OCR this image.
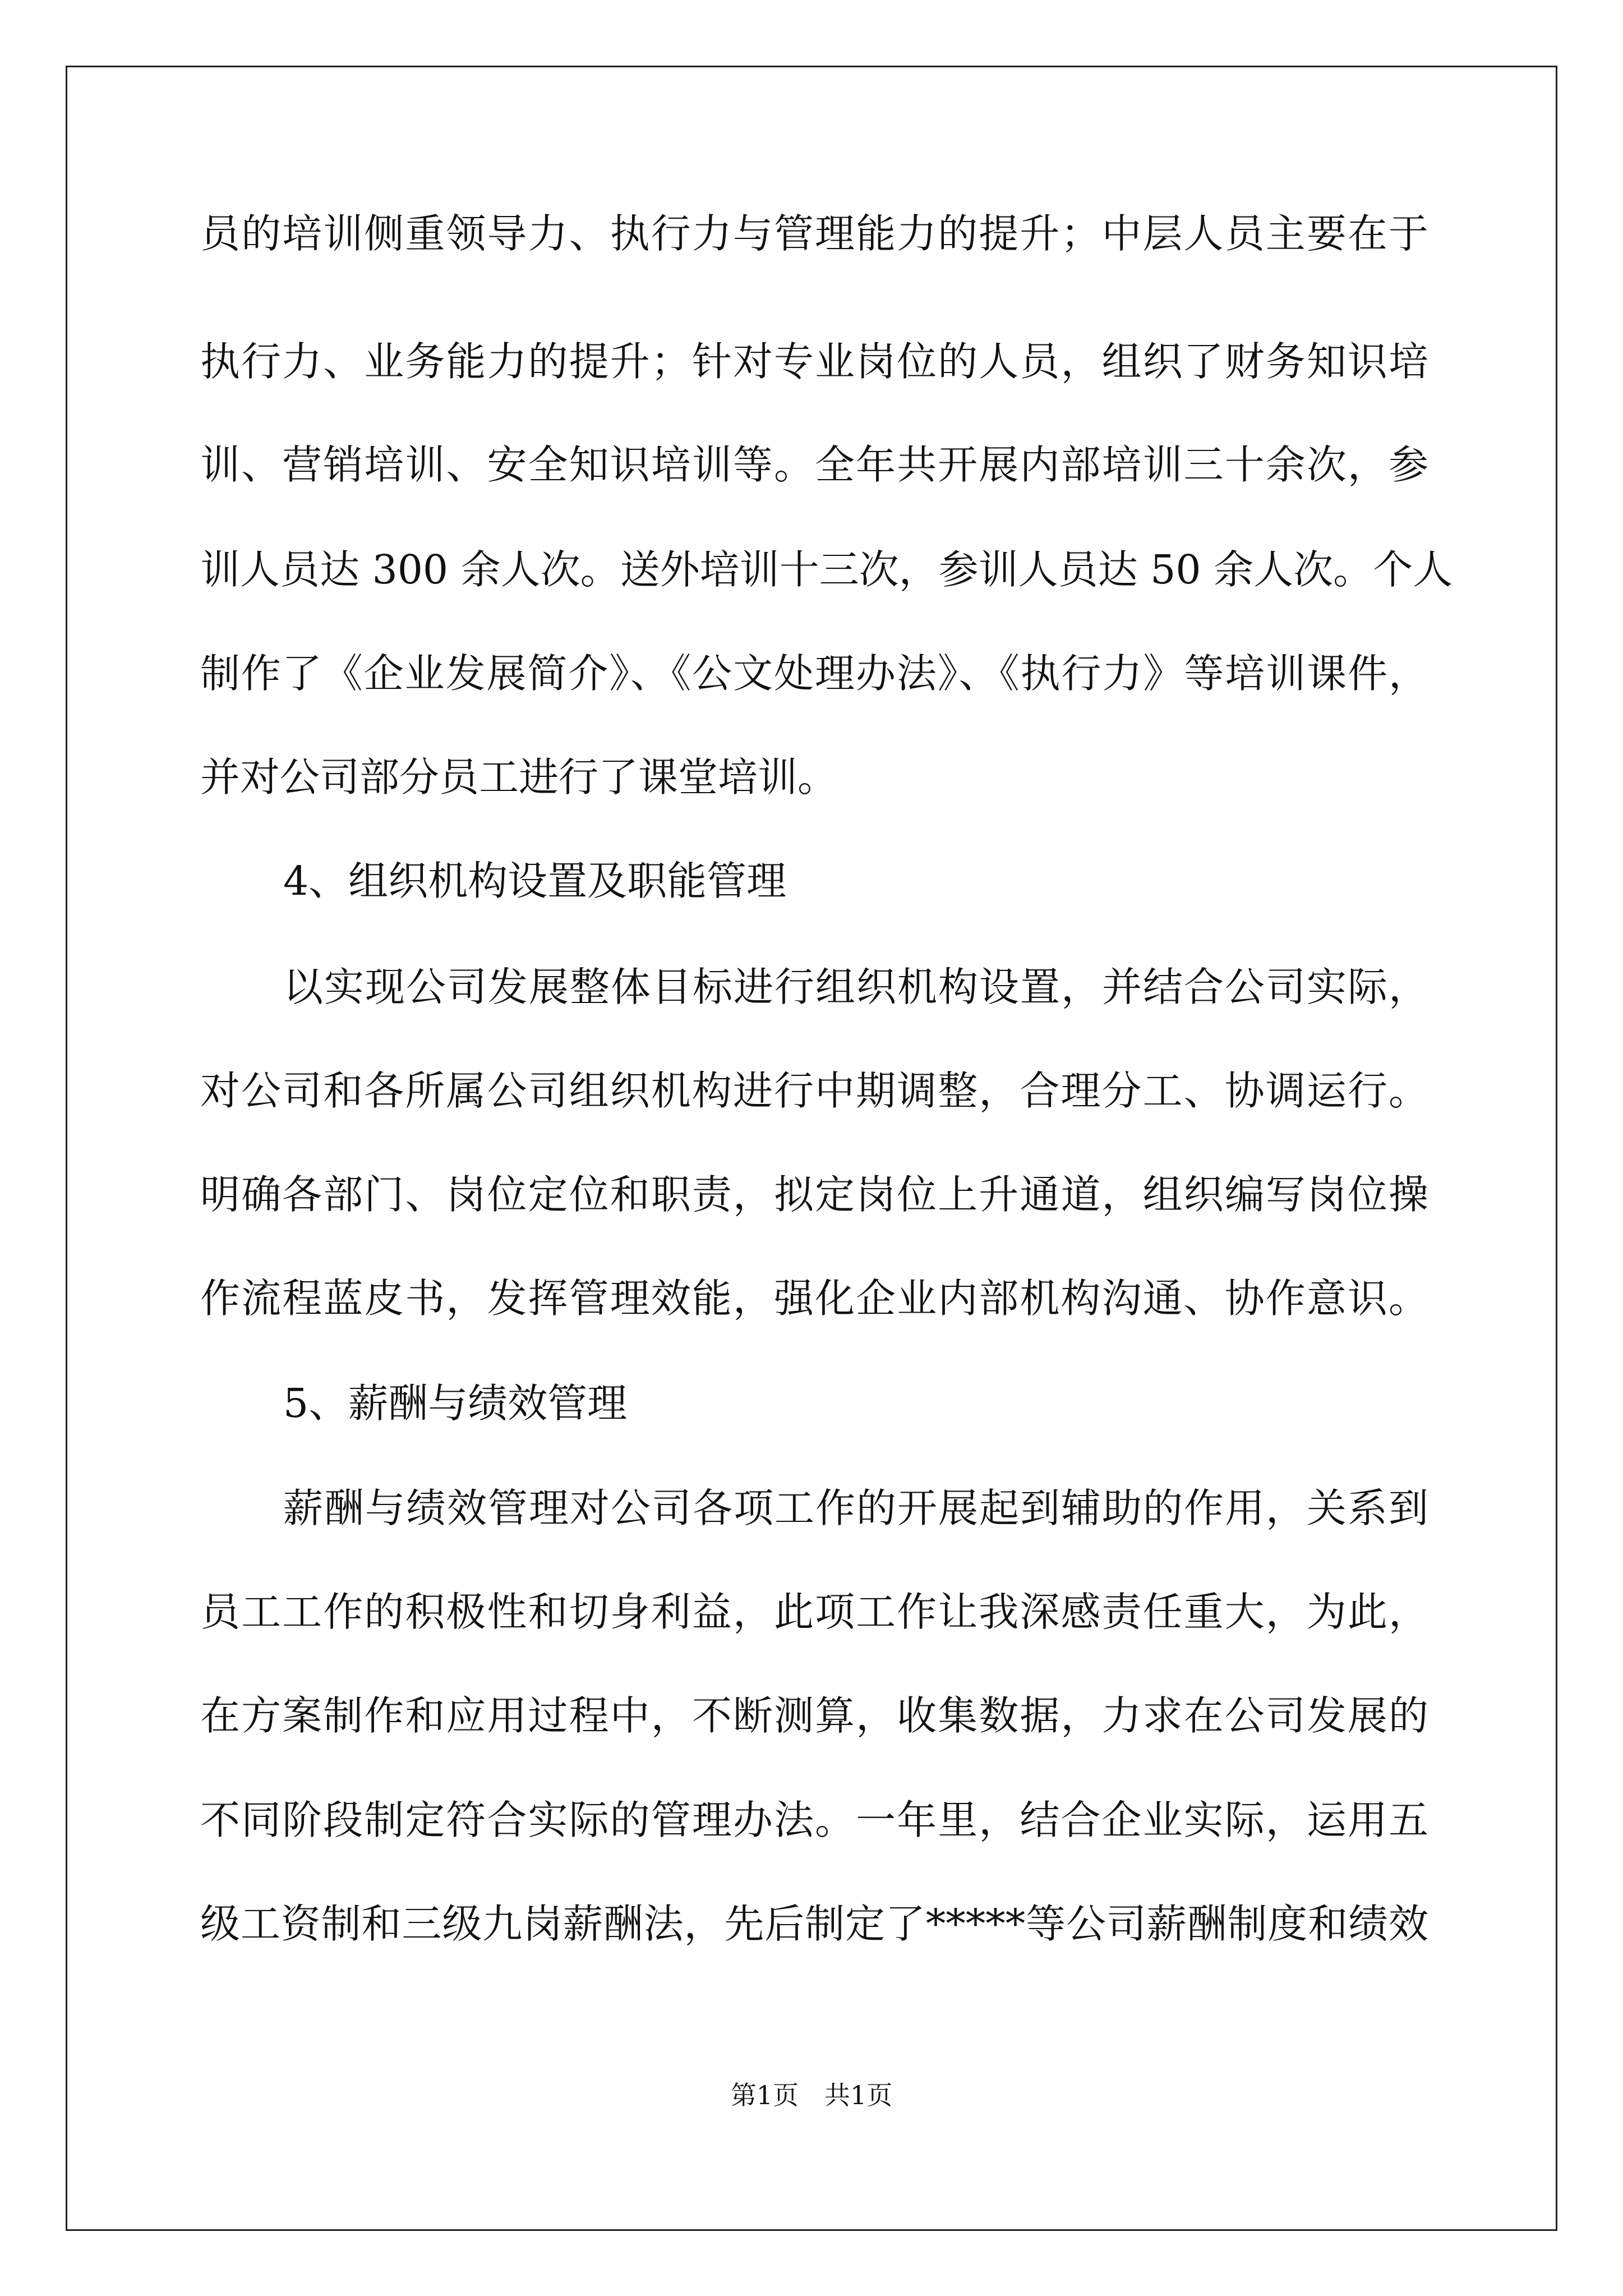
员的培训侧重领导力、执行力与管理能力的提升；中层人员主要在于
执行力、业务能力的提升；针对专业岗位的人员，组织了财务知识培
训、营销培训、安全知识培训等。全年共开展内部培训三十余次，参
训人员达 300 余人次。送外培训十三次，参训人员达 50 余人次。个人
制作了《企业发展简介》、《公文处理办法》、《执行力》等培训课件，
并对公司部分员工进行了课堂培训。
4、组织机构设置及职能管理
以实现公司发展整体目标进行组织机构设置，并结合公司实际，
对公司和各所属公司组织机构进行中期调整，合理分工、协调运行。
明确各部门、岗位定位和职责，拟定岗位上升通道，组织编写岗位操
作流程蓝皮书，发挥管理效能，强化企业内部机构沟通、协作意识。
5、薪酬与绩效管理
薪酬与绩效管理对公司各项工作的开展起到辅助的作用，关系到
员工工作的积极性和切身利益，此项工作让我深感责任重大，为此，
在方案制作和应用过程中，不断测算，收集数据，力求在公司发展的
不同阶段制定符合实际的管理办法。一年里，结合企业实际，运用五
级工资制和三级九岗薪酬法，先后制定了*****等公司薪酬制度和绩效
第1页 共1页
